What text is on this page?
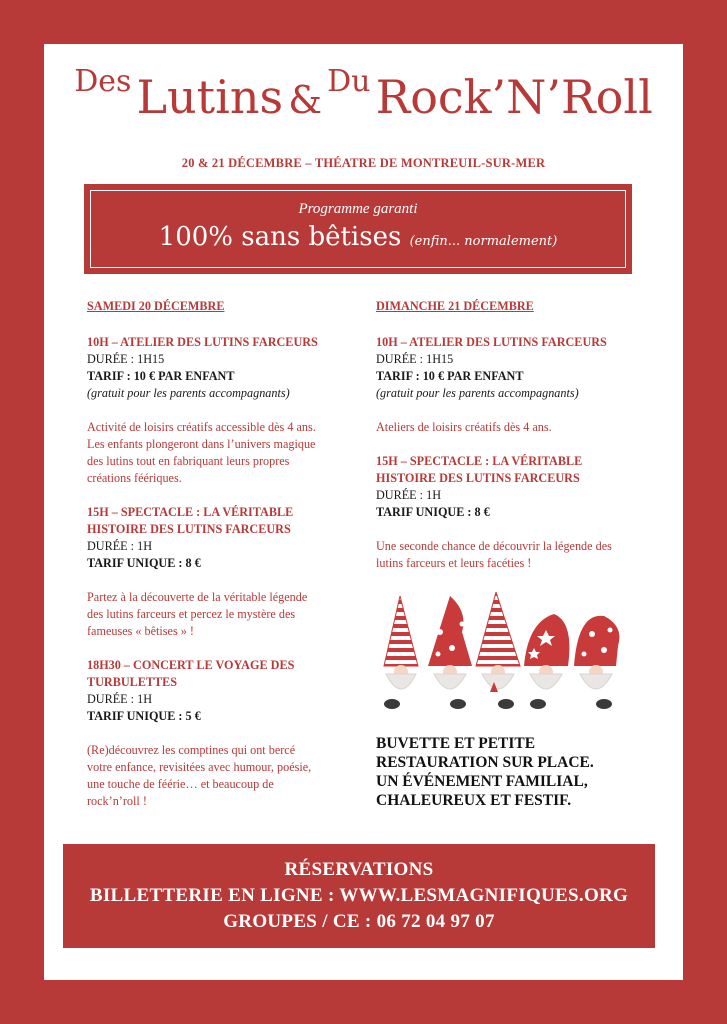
Des Lutins & Du Rock’N’Roll
20 & 21 DÉCEMBRE – THÉATRE DE MONTREUIL-SUR-MER
Programme garanti
100% sans bêtises (enfin... normalement)
SAMEDI 20 DÉCEMBRE
10H – ATELIER DES LUTINS FARCEURS
DURÉE : 1H15
TARIF : 10 € PAR ENFANT
(gratuit pour les parents accompagnants)
Activité de loisirs créatifs accessible dès 4 ans.
Les enfants plongeront dans l’univers magique
des lutins tout en fabriquant leurs propres
créations féériques.
15H – SPECTACLE : LA VÉRITABLE
HISTOIRE DES LUTINS FARCEURS
DURÉE : 1H
TARIF UNIQUE : 8 €
Partez à la découverte de la véritable légende
des lutins farceurs et percez le mystère des
fameuses « bêtises » !
18H30 – CONCERT LE VOYAGE DES
TURBULETTES
DURÉE : 1H
TARIF UNIQUE : 5 €
(Re)découvrez les comptines qui ont bercé
votre enfance, revisitées avec humour, poésie,
une touche de féérie… et beaucoup de
rock’n’roll !
DIMANCHE 21 DÉCEMBRE
10H – ATELIER DES LUTINS FARCEURS
DURÉE : 1H15
TARIF : 10 € PAR ENFANT
(gratuit pour les parents accompagnants)
Ateliers de loisirs créatifs dès 4 ans.
15H – SPECTACLE : LA VÉRITABLE
HISTOIRE DES LUTINS FARCEURS
DURÉE : 1H
TARIF UNIQUE : 8 €
Une seconde chance de découvrir la légende des
lutins farceurs et leurs facéties !
BUVETTE ET PETITE
RESTAURATION SUR PLACE.
UN ÉVÉNEMENT FAMILIAL,
CHALEUREUX ET FESTIF.
RÉSERVATIONS
BILLETTERIE EN LIGNE : WWW.LESMAGNIFIQUES.ORG
GROUPES / CE : 06 72 04 97 07
